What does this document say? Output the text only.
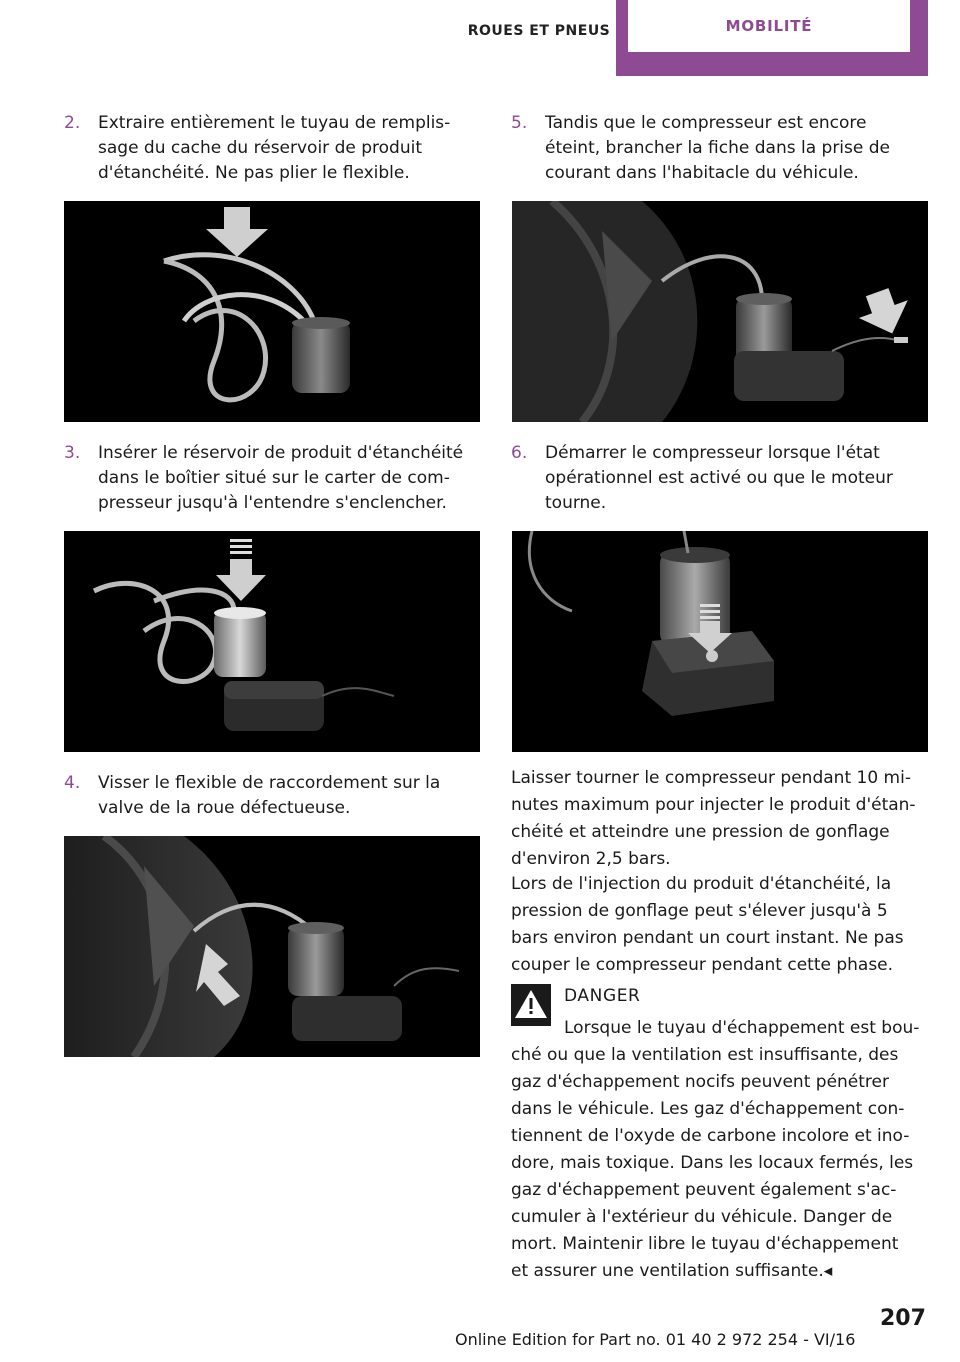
ROUES ET PNEUS	MOBILITÉ
2.	Extraire entièrement le tuyau de remplis-
sage du cache du réservoir de produit
d'étanchéité. Ne pas plier le flexible.
3.	Insérer le réservoir de produit d'étanchéité
dans le boîtier situé sur le carter de com-
presseur jusqu'à l'entendre s'enclencher.
4.	Visser le flexible de raccordement sur la
valve de la roue défectueuse.
5.	Tandis que le compresseur est encore
éteint, brancher la fiche dans la prise de
courant dans l'habitacle du véhicule.
6.	Démarrer le compresseur lorsque l'état
opérationnel est activé ou que le moteur
tourne.
Laisser tourner le compresseur pendant 10 mi-
nutes maximum pour injecter le produit d'étan-
chéité et atteindre une pression de gonflage
d'environ 2,5 bars.
Lors de l'injection du produit d'étanchéité, la
pression de gonflage peut s'élever jusqu'à 5
bars environ pendant un court instant. Ne pas
couper le compresseur pendant cette phase.
DANGER
Lorsque le tuyau d'échappement est bou-
ché ou que la ventilation est insuffisante, des
gaz d'échappement nocifs peuvent pénétrer
dans le véhicule. Les gaz d'échappement con-
tiennent de l'oxyde de carbone incolore et ino-
dore, mais toxique. Dans les locaux fermés, les
gaz d'échappement peuvent également s'ac-
cumuler à l'extérieur du véhicule. Danger de
mort. Maintenir libre le tuyau d'échappement
et assurer une ventilation suffisante.◂
207
Online Edition for Part no. 01 40 2 972 254 - VI/16
